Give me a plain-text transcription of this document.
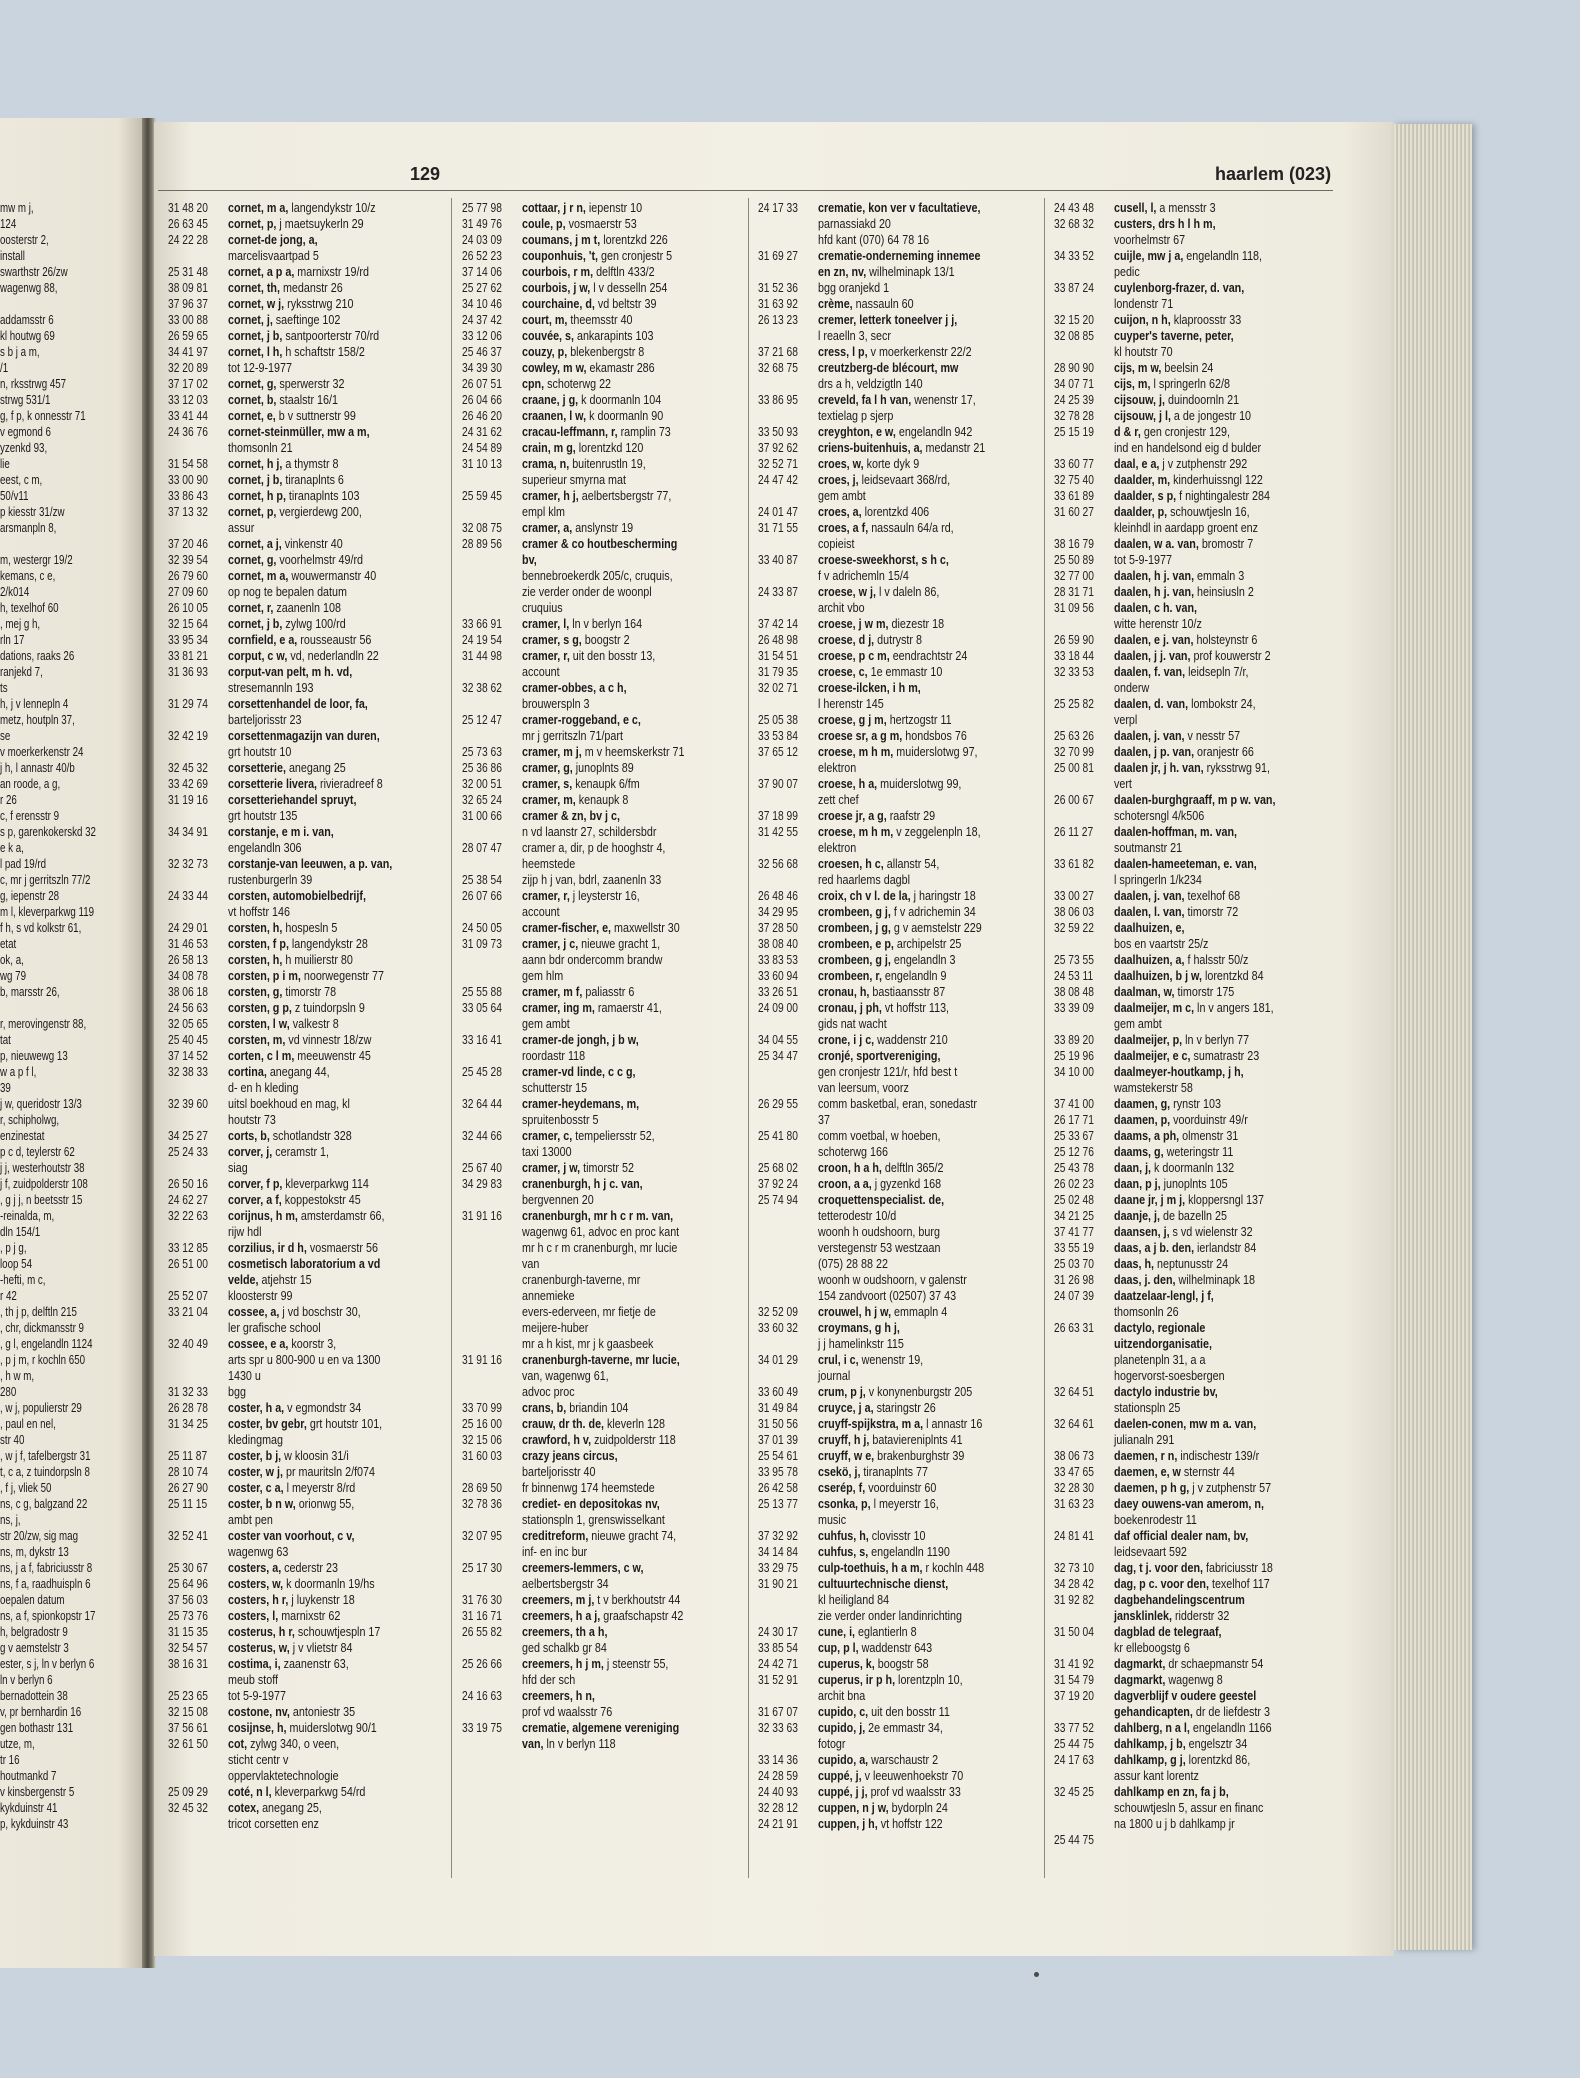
mw m j,
124
oosterstr 2,
install
swarthstr 26/zw
wagenwg 88,

addamsstr 6
kl houtwg 69
s b j a m,
/1
n, rksstrwg 457
strwg 531/1
g, f p, k onnesstr 71
v egmond 6
yzenkd 93,
lie
eest, c m,
50/v11
p kiesstr 31/zw
arsmanpln 8,

m, westergr 19/2
kemans, c e,
2/k014
h, texelhof 60
, mej g h,
rln 17
dations, raaks 26
ranjekd 7,
ts
h, j v lennepln 4
metz, houtpln 37,
se
v moerkerkenstr 24
j h, l annastr 40/b
an roode, a g,
r 26
c, f erensstr 9
s p, garenkokerskd 32
e k a,
l pad 19/rd
c, mr j gerritszln 77/2
g, iepenstr 28
m l, kleverparkwg 119
f h, s vd kolkstr 61,
etat
ok, a,
wg 79
b, marsstr 26,

r, merovingenstr 88,
tat
p, nieuwewg 13
w a p f l,
39
j w, queridostr 13/3
r, schipholwg,
enzinestat
p c d, teylerstr 62
j j, westerhoutstr 38
j f, zuidpolderstr 108
, g j j, n beetsstr 15
-reinalda, m,
dln 154/1
, p j g,
loop 54
-hefti, m c,
r 42
, th j p, delftln 215
, chr, dickmansstr 9
, g l, engelandln 1124
, p j m, r kochln 650
, h w m,
280
, w j, populierstr 29
, paul en nel,
str 40
, w j f, tafelbergstr 31
t, c a, z tuindorpsln 8
, f j, vliek 50
ns, c g, balgzand 22
ns, j,
str 20/zw, sig mag
ns, m, dykstr 13
ns, j a f, fabriciusstr 8
ns, f a, raadhuispln 6
oepalen datum
ns, a f, spionkopstr 17
h, belgradostr 9
g v aemstelstr 3
ester, s j, ln v berlyn 6
ln v berlyn 6
bernadottein 38
v, pr bernhardin 16
gen bothastr 131
utze, m,
tr 16
houtmankd 7
v kinsbergenstr 5
kykduinstr 41
p, kykduinstr 43
129	haarlem (023)
31 48 20	cornet, m a, langendykstr 10/z
26 63 45	cornet, p, j maetsuykerln 29
24 22 28	cornet-de jong, a,
marcelisvaartpad 5
25 31 48	cornet, a p a, marnixstr 19/rd
38 09 81	cornet, th, medanstr 26
37 96 37	cornet, w j, ryksstrwg 210
33 00 88	cornet, j, saeftinge 102
26 59 65	cornet, j b, santpoorterstr 70/rd
34 41 97	cornet, l h, h schaftstr 158/2
32 20 89	tot 12-9-1977
37 17 02	cornet, g, sperwerstr 32
33 12 03	cornet, b, staalstr 16/1
33 41 44	cornet, e, b v suttnerstr 99
24 36 76	cornet-steinmüller, mw a m,
thomsonln 21
31 54 58	cornet, h j, a thymstr 8
33 00 90	cornet, j b, tiranaplnts 6
33 86 43	cornet, h p, tiranaplnts 103
37 13 32	cornet, p, vergierdewg 200,
assur
37 20 46	cornet, a j, vinkenstr 40
32 39 54	cornet, g, voorhelmstr 49/rd
26 79 60	cornet, m a, wouwermanstr 40
27 09 60	op nog te bepalen datum
26 10 05	cornet, r, zaanenln 108
32 15 64	cornet, j b, zylwg 100/rd
33 95 34	cornfield, e a, rousseaustr 56
33 81 21	corput, c w, vd, nederlandln 22
31 36 93	corput-van pelt, m h. vd,
stresemannln 193
31 29 74	corsettenhandel de loor, fa,
barteljorisstr 23
32 42 19	corsettenmagazijn van duren,
grt houtstr 10
32 45 32	corsetterie, anegang 25
33 42 69	corsetterie livera, rivieradreef 8
31 19 16	corsetteriehandel spruyt,
grt houtstr 135
34 34 91	corstanje, e m i. van,
engelandln 306
32 32 73	corstanje-van leeuwen, a p. van,
rustenburgerln 39
24 33 44	corsten, automobielbedrijf,
vt hoffstr 146
24 29 01	corsten, h, hospesln 5
31 46 53	corsten, f p, langendykstr 28
26 58 13	corsten, h, h muilierstr 80
34 08 78	corsten, p i m, noorwegenstr 77
38 06 18	corsten, g, timorstr 78
24 56 63	corsten, g p, z tuindorpsln 9
32 05 65	corsten, l w, valkestr 8
25 40 45	corsten, m, vd vinnestr 18/zw
37 14 52	corten, c l m, meeuwenstr 45
32 38 33	cortina, anegang 44,
d- en h kleding
32 39 60	uitsl boekhoud en mag, kl
houtstr 73
34 25 27	corts, b, schotlandstr 328
25 24 33	corver, j, ceramstr 1,
siag
26 50 16	corver, f p, kleverparkwg 114
24 62 27	corver, a f, koppestokstr 45
32 22 63	corijnus, h m, amsterdamstr 66,
rijw hdl
33 12 85	corzilius, ir d h, vosmaerstr 56
26 51 00	cosmetisch laboratorium a vd
velde, atjehstr 15
25 52 07	kloosterstr 99
33 21 04	cossee, a, j vd boschstr 30,
ler grafische school
32 40 49	cossee, e a, koorstr 3,
arts spr u 800-900 u en va 1300
1430 u
31 32 33	bgg
26 28 78	coster, h a, v egmondstr 34
31 34 25	coster, bv gebr, grt houtstr 101,
kledingmag
25 11 87	coster, b j, w kloosin 31/i
28 10 74	coster, w j, pr mauritsln 2/f074
26 27 90	coster, c a, l meyerstr 8/rd
25 11 15	coster, b n w, orionwg 55,
ambt pen
32 52 41	coster van voorhout, c v,
wagenwg 63
25 30 67	costers, a, cederstr 23
25 64 96	costers, w, k doormanln 19/hs
37 56 03	costers, h r, j luykenstr 18
25 73 76	costers, l, marnixstr 62
31 15 35	costerus, h r, schouwtjespln 17
32 54 57	costerus, w, j v vlietstr 84
38 16 31	costima, i, zaanenstr 63,
meub stoff
25 23 65	tot 5-9-1977
32 15 08	costone, nv, antoniestr 35
37 56 61	cosijnse, h, muiderslotwg 90/1
32 61 50	cot, zylwg 340, o veen,
sticht centr v
oppervlaktetechnologie
25 09 29	coté, n l, kleverparkwg 54/rd
32 45 32	cotex, anegang 25,
tricot corsetten enz
25 77 98	cottaar, j r n, iepenstr 10
31 49 76	coule, p, vosmaerstr 53
24 03 09	coumans, j m t, lorentzkd 226
26 52 23	couponhuis, 't, gen cronjestr 5
37 14 06	courbois, r m, delftln 433/2
25 27 62	courbois, j w, l v desselln 254
34 10 46	courchaine, d, vd beltstr 39
24 37 42	court, m, theemsstr 40
33 12 06	couvée, s, ankarapints 103
25 46 37	couzy, p, blekenbergstr 8
34 39 30	cowley, m w, ekamastr 286
26 07 51	cpn, schoterwg 22
26 04 66	craane, j g, k doormanln 104
26 46 20	craanen, l w, k doormanln 90
24 31 62	cracau-leffmann, r, ramplin 73
24 54 89	crain, m g, lorentzkd 120
31 10 13	crama, n, buitenrustln 19,
superieur smyrna mat
25 59 45	cramer, h j, aelbertsbergstr 77,
empl klm
32 08 75	cramer, a, anslynstr 19
28 89 56	cramer & co houtbescherming
bv,
bennebroekerdk 205/c, cruquis,
zie verder onder de woonpl
cruquius
33 66 91	cramer, l, ln v berlyn 164
24 19 54	cramer, s g, boogstr 2
31 44 98	cramer, r, uit den bosstr 13,
account
32 38 62	cramer-obbes, a c h,
brouwerspln 3
25 12 47	cramer-roggeband, e c,
mr j gerritszln 71/part
25 73 63	cramer, m j, m v heemskerkstr 71
25 36 86	cramer, g, junoplnts 89
32 00 51	cramer, s, kenaupk 6/fm
32 65 24	cramer, m, kenaupk 8
31 00 66	cramer & zn, bv j c,
n vd laanstr 27, schildersbdr
28 07 47	cramer a, dir, p de hooghstr 4,
heemstede
25 38 54	zijp h j van, bdrl, zaanenln 33
26 07 66	cramer, r, j leysterstr 16,
account
24 50 05	cramer-fischer, e, maxwellstr 30
31 09 73	cramer, j c, nieuwe gracht 1,
aann bdr ondercomm brandw
gem hlm
25 55 88	cramer, m f, paliasstr 6
33 05 64	cramer, ing m, ramaerstr 41,
gem ambt
33 16 41	cramer-de jongh, j b w,
roordastr 118
25 45 28	cramer-vd linde, c c g,
schutterstr 15
32 64 44	cramer-heydemans, m,
spruitenbosstr 5
32 44 66	cramer, c, tempeliersstr 52,
taxi 13000
25 67 40	cramer, j w, timorstr 52
34 29 83	cranenburgh, h j c. van,
bergvennen 20
31 91 16	cranenburgh, mr h c r m. van,
wagenwg 61, advoc en proc kant
mr h c r m cranenburgh, mr lucie
van
cranenburgh-taverne, mr
annemieke
evers-ederveen, mr fietje de
meijere-huber
mr a h kist, mr j k gaasbeek
31 91 16	cranenburgh-taverne, mr lucie,
van, wagenwg 61,
advoc proc
33 70 99	crans, b, briandin 104
25 16 00	crauw, dr th. de, kleverln 128
32 15 06	crawford, h v, zuidpolderstr 118
31 60 03	crazy jeans circus,
barteljorisstr 40
28 69 50	fr binnenwg 174 heemstede
32 78 36	crediet- en depositokas nv,
stationspln 1, grenswisselkant
32 07 95	creditreform, nieuwe gracht 74,
inf- en inc bur
25 17 30	creemers-lemmers, c w,
aelbertsbergstr 34
31 76 30	creemers, m j, t v berkhoutstr 44
31 16 71	creemers, h a j, graafschapstr 42
26 55 82	creemers, th a h,
ged schalkb gr 84
25 26 66	creemers, h j m, j steenstr 55,
hfd der sch
24 16 63	creemers, h n,
prof vd waalsstr 76
33 19 75	crematie, algemene vereniging
van, ln v berlyn 118
24 17 33	crematie, kon ver v facultatieve,
parnassiakd 20
hfd kant (070) 64 78 16
31 69 27	crematie-onderneming innemee
en zn, nv, wilhelminapk 13/1
31 52 36	bgg oranjekd 1
31 63 92	crème, nassauln 60
26 13 23	cremer, letterk toneelver j j,
l reaelln 3, secr
37 21 68	cress, l p, v moerkerkenstr 22/2
32 68 75	creutzberg-de blécourt, mw
drs a h, veldzigtln 140
33 86 95	creveld, fa l h van, wenenstr 17,
textielag p sjerp
33 50 93	creyghton, e w, engelandln 942
37 92 62	criens-buitenhuis, a, medanstr 21
32 52 71	croes, w, korte dyk 9
24 47 42	croes, j, leidsevaart 368/rd,
gem ambt
24 01 47	croes, a, lorentzkd 406
31 71 55	croes, a f, nassauln 64/a rd,
copieist
33 40 87	croese-sweekhorst, s h c,
f v adrichemln 15/4
24 33 87	croese, w j, l v daleln 86,
archit vbo
37 42 14	croese, j w m, diezestr 18
26 48 98	croese, d j, dutrystr 8
31 54 51	croese, p c m, eendrachtstr 24
31 79 35	croese, c, 1e emmastr 10
32 02 71	croese-ilcken, i h m,
l herenstr 145
25 05 38	croese, g j m, hertzogstr 11
33 53 84	croese sr, a g m, hondsbos 76
37 65 12	croese, m h m, muiderslotwg 97,
elektron
37 90 07	croese, h a, muiderslotwg 99,
zett chef
37 18 99	croese jr, a g, raafstr 29
31 42 55	croese, m h m, v zeggelenpln 18,
elektron
32 56 68	croesen, h c, allanstr 54,
red haarlems dagbl
26 48 46	croix, ch v l. de la, j haringstr 18
34 29 95	crombeen, g j, f v adrichemin 34
37 28 50	crombeen, j g, g v aemstelstr 229
38 08 40	crombeen, e p, archipelstr 25
33 83 53	crombeen, g j, engelandln 3
33 60 94	crombeen, r, engelandln 9
33 26 51	cronau, h, bastiaansstr 87
24 09 00	cronau, j ph, vt hoffstr 113,
gids nat wacht
34 04 55	crone, i j c, waddenstr 210
25 34 47	cronjé, sportvereniging,
gen cronjestr 121/r, hfd best t
van leersum, voorz
26 29 55	comm basketbal, eran, sonedastr
37
25 41 80	comm voetbal, w hoeben,
schoterwg 166
25 68 02	croon, h a h, delftln 365/2
37 92 24	croon, a a, j gyzenkd 168
25 74 94	croquettenspecialist. de,
tetterodestr 10/d
woonh h oudshoorn, burg
verstegenstr 53 westzaan
(075) 28 88 22
woonh w oudshoorn, v galenstr
154 zandvoort (02507) 37 43
32 52 09	crouwel, h j w, emmapln 4
33 60 32	croymans, g h j,
j j hamelinkstr 115
34 01 29	crul, i c, wenenstr 19,
journal
33 60 49	crum, p j, v konynenburgstr 205
31 49 84	cruyce, j a, staringstr 26
31 50 56	cruyff-spijkstra, m a, l annastr 16
37 01 39	cruyff, h j, bataviereniplnts 41
25 54 61	cruyff, w e, brakenburghstr 39
33 95 78	csekö, j, tiranaplnts 77
26 42 58	cserép, f, voorduinstr 60
25 13 77	csonka, p, l meyerstr 16,
music
37 32 92	cuhfus, h, clovisstr 10
34 14 84	cuhfus, s, engelandln 1190
33 29 75	culp-toethuis, h a m, r kochln 448
31 90 21	cultuurtechnische dienst,
kl heiligland 84
zie verder onder landinrichting
24 30 17	cune, i, eglantierln 8
33 85 54	cup, p l, waddenstr 643
24 42 71	cuperus, k, boogstr 58
31 52 91	cuperus, ir p h, lorentzpln 10,
archit bna
31 67 07	cupido, c, uit den bosstr 11
32 33 63	cupido, j, 2e emmastr 34,
fotogr
33 14 36	cupido, a, warschaustr 2
24 28 59	cuppé, j, v leeuwenhoekstr 70
24 40 93	cuppé, j j, prof vd waalsstr 33
32 28 12	cuppen, n j w, bydorpln 24
24 21 91	cuppen, j h, vt hoffstr 122
24 43 48	cusell, l, a mensstr 3
32 68 32	custers, drs h l h m,
voorhelmstr 67
34 33 52	cuijle, mw j a, engelandln 118,
pedic
33 87 24	cuylenborg-frazer, d. van,
londenstr 71
32 15 20	cuijon, n h, klaproosstr 33
32 08 85	cuyper's taverne, peter,
kl houtstr 70
28 90 90	cijs, m w, beelsin 24
34 07 71	cijs, m, l springerln 62/8
24 25 39	cijsouw, j, duindoornln 21
32 78 28	cijsouw, j l, a de jongestr 10
25 15 19	d & r, gen cronjestr 129,
ind en handelsond eig d bulder
33 60 77	daal, e a, j v zutphenstr 292
32 75 40	daalder, m, kinderhuissngl 122
33 61 89	daalder, s p, f nightingalestr 284
31 60 27	daalder, p, schouwtjesln 16,
kleinhdl in aardapp groent enz
38 16 79	daalen, w a. van, bromostr 7
25 50 89	tot 5-9-1977
32 77 00	daalen, h j. van, emmaln 3
28 31 71	daalen, h j. van, heinsiusln 2
31 09 56	daalen, c h. van,
witte herenstr 10/z
26 59 90	daalen, e j. van, holsteynstr 6
33 18 44	daalen, j j. van, prof kouwerstr 2
32 33 53	daalen, f. van, leidsepln 7/r,
onderw
25 25 82	daalen, d. van, lombokstr 24,
verpl
25 63 26	daalen, j. van, v nesstr 57
32 70 99	daalen, j p. van, oranjestr 66
25 00 81	daalen jr, j h. van, ryksstrwg 91,
vert
26 00 67	daalen-burghgraaff, m p w. van,
schotersngl 4/k506
26 11 27	daalen-hoffman, m. van,
soutmanstr 21
33 61 82	daalen-hameeteman, e. van,
l springerln 1/k234
33 00 27	daalen, j. van, texelhof 68
38 06 03	daalen, l. van, timorstr 72
32 59 22	daalhuizen, e,
bos en vaartstr 25/z
25 73 55	daalhuizen, a, f halsstr 50/z
24 53 11	daalhuizen, b j w, lorentzkd 84
38 08 48	daalman, w, timorstr 175
33 39 09	daalmeijer, m c, ln v angers 181,
gem ambt
33 89 20	daalmeijer, p, ln v berlyn 77
25 19 96	daalmeijer, e c, sumatrastr 23
34 10 00	daalmeyer-houtkamp, j h,
wamstekerstr 58
37 41 00	daamen, g, rynstr 103
26 17 71	daamen, p, voorduinstr 49/r
25 33 67	daams, a ph, olmenstr 31
25 12 76	daams, g, weteringstr 11
25 43 78	daan, j, k doormanln 132
26 02 23	daan, p j, junoplnts 105
25 02 48	daane jr, j m j, kloppersngl 137
34 21 25	daanje, j, de bazelln 25
37 41 77	daansen, j, s vd wielenstr 32
33 55 19	daas, a j b. den, ierlandstr 84
25 03 70	daas, h, neptunusstr 24
31 26 98	daas, j. den, wilhelminapk 18
24 07 39	daatzelaar-lengl, j f,
thomsonln 26
26 63 31	dactylo, regionale
uitzendorganisatie,
planetenpln 31, a a
hogervorst-soesbergen
32 64 51	dactylo industrie bv,
stationspln 25
32 64 61	daelen-conen, mw m a. van,
julianaln 291
38 06 73	daemen, r n, indischestr 139/r
33 47 65	daemen, e, w sternstr 44
32 28 30	daemen, p h g, j v zutphenstr 57
31 63 23	daey ouwens-van amerom, n,
boekenrodestr 11
24 81 41	daf official dealer nam, bv,
leidsevaart 592
32 73 10	dag, t j. voor den, fabriciusstr 18
34 28 42	dag, p c. voor den, texelhof 117
31 92 82	dagbehandelingscentrum
jansklinlek, ridderstr 32
31 50 04	dagblad de telegraaf,
kr elleboogstg 6
31 41 92	dagmarkt, dr schaepmanstr 54
31 54 79	dagmarkt, wagenwg 8
37 19 20	dagverblijf v oudere geestel
gehandicapten, dr de liefdestr 3
33 77 52	dahlberg, n a l, engelandln 1166
25 44 75	dahlkamp, j b, engelsztr 34
24 17 63	dahlkamp, g j, lorentzkd 86,
assur kant lorentz
32 45 25	dahlkamp en zn, fa j b,
schouwtjesln 5, assur en financ
na 1800 u j b dahlkamp jr
25 44 75
